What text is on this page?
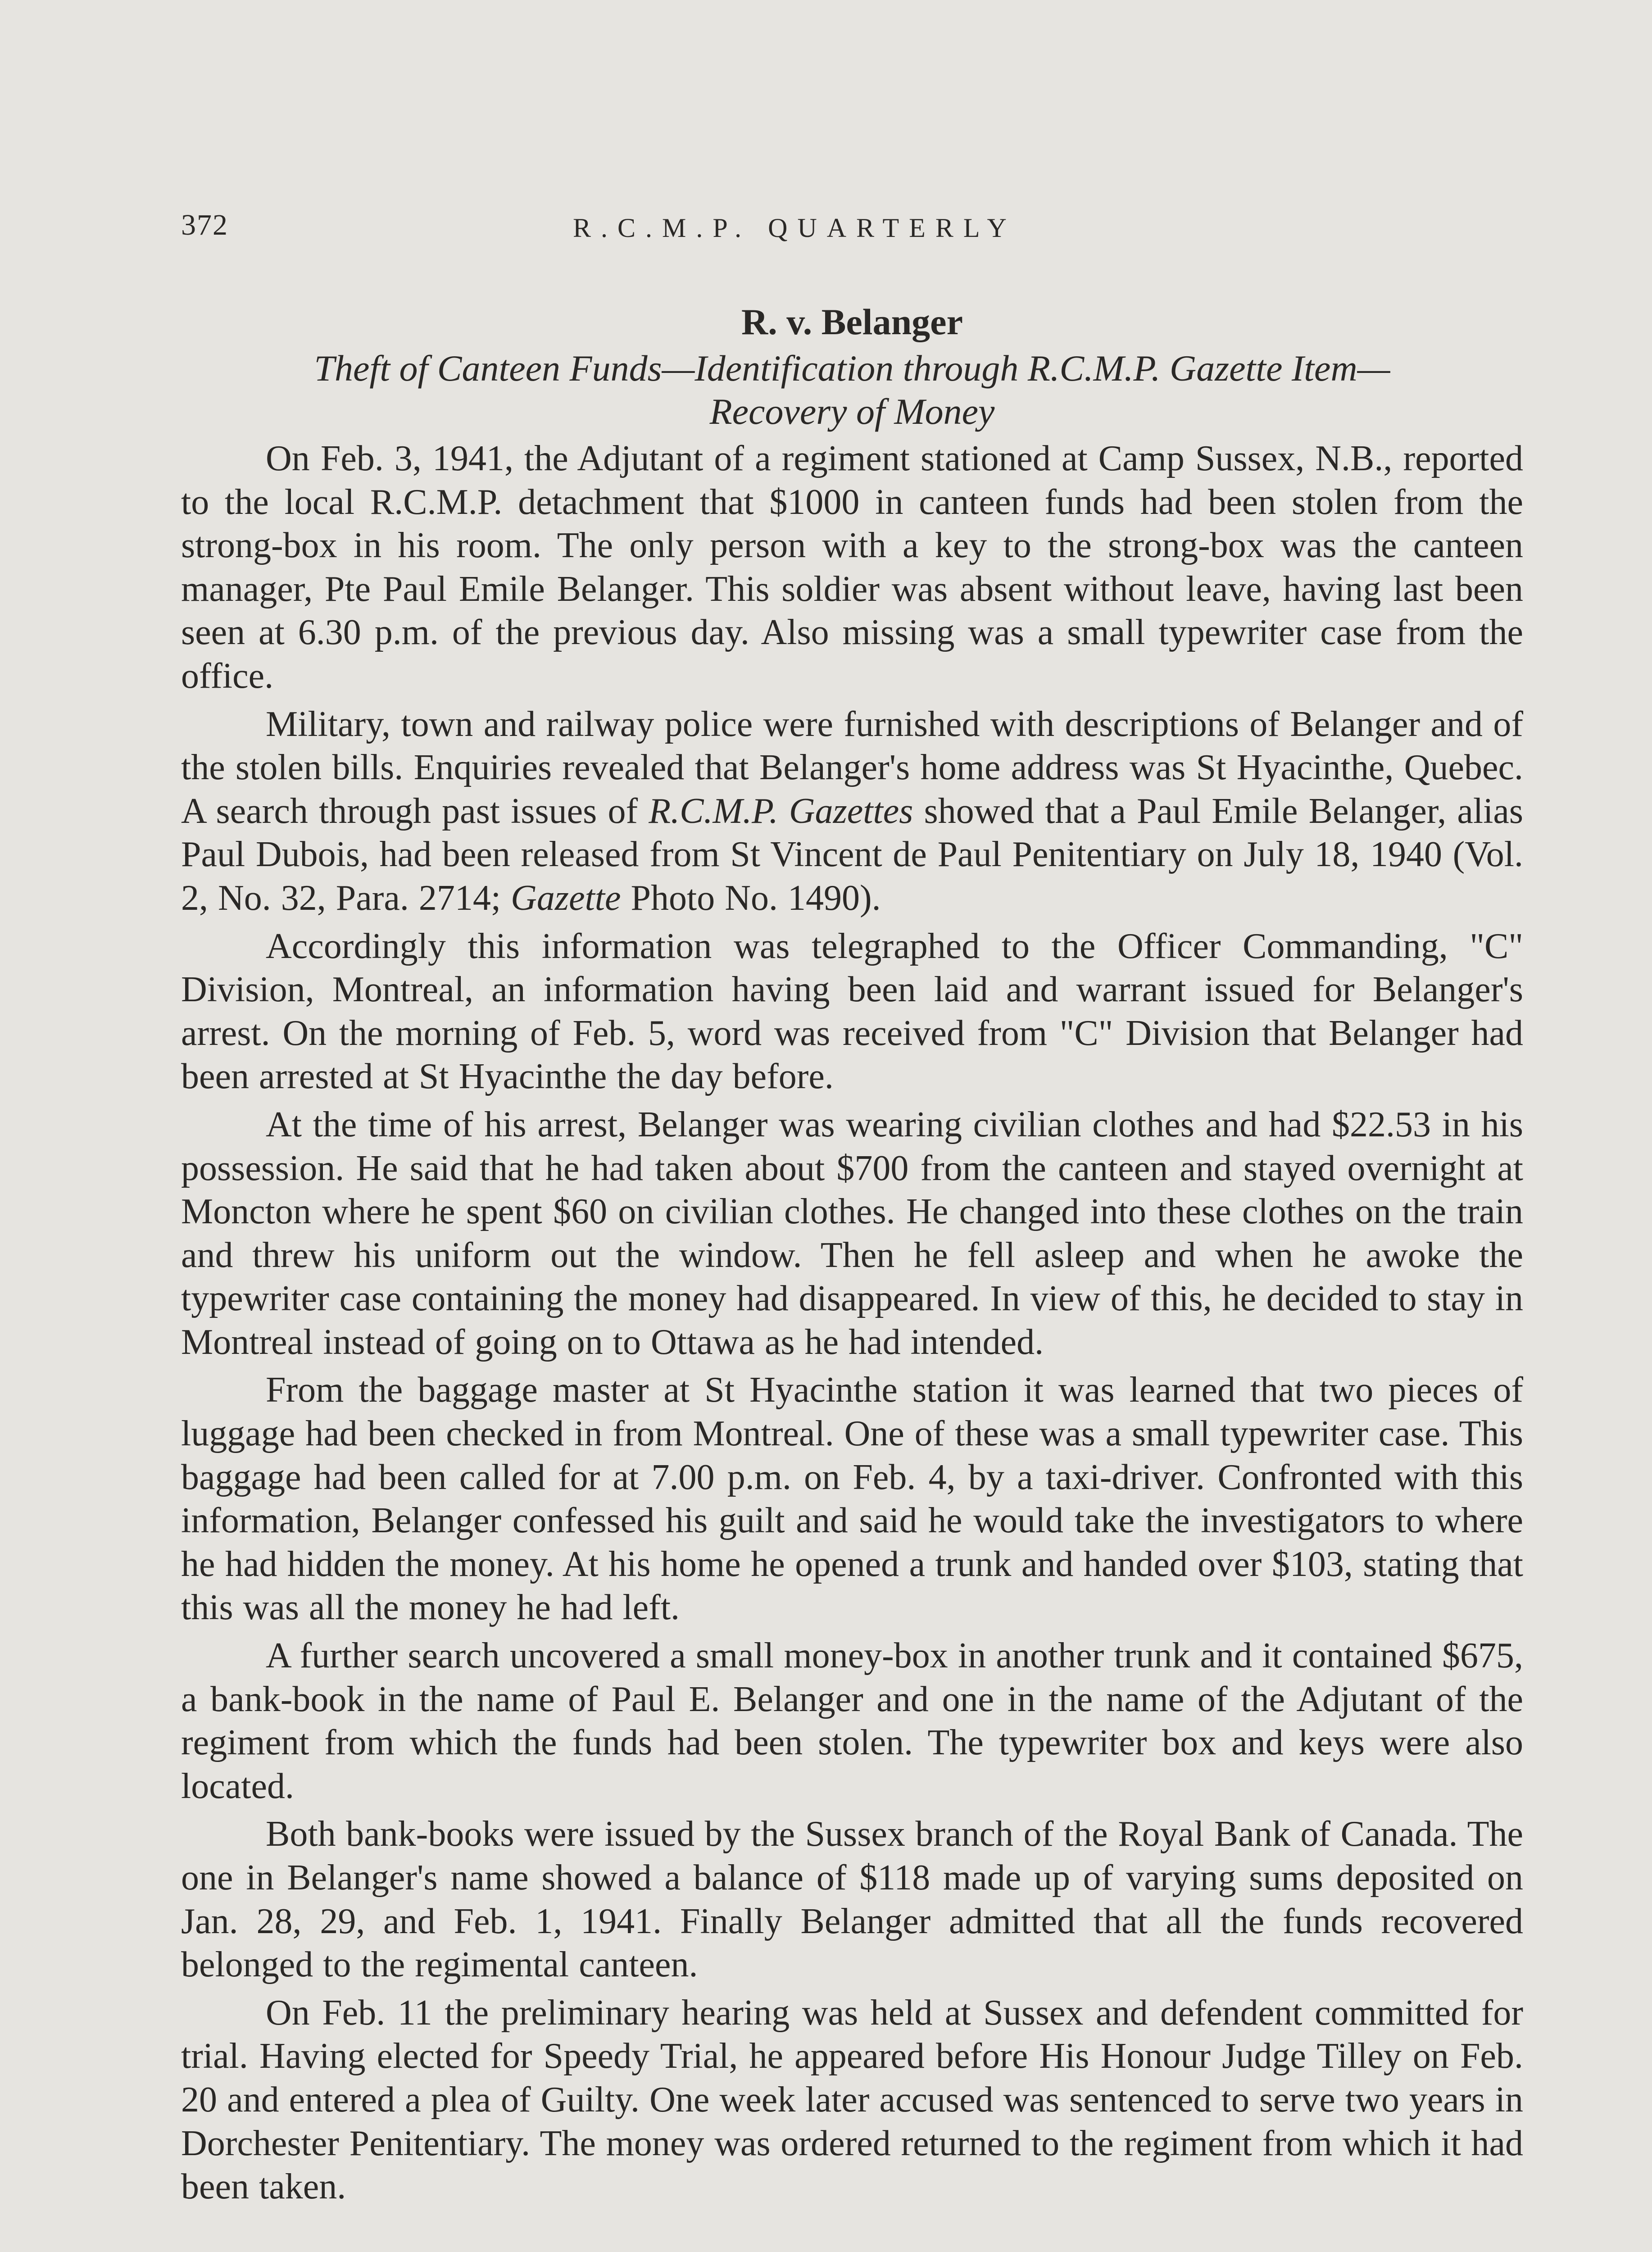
372	R.C.M.P. QUARTERLY

R. v. Belanger

Theft of Canteen Funds—Identification through R.C.M.P. Gazette Item—
Recovery of Money

On Feb. 3, 1941, the Adjutant of a regiment stationed at Camp Sussex, N.B., reported to the local R.C.M.P. detachment that $1000 in canteen funds had been stolen from the strong-box in his room. The only person with a key to the strong-box was the canteen manager, Pte Paul Emile Belanger. This soldier was absent without leave, having last been seen at 6.30 p.m. of the previous day. Also missing was a small typewriter case from the office.

Military, town and railway police were furnished with descriptions of Belanger and of the stolen bills. Enquiries revealed that Belanger's home address was St Hyacinthe, Quebec. A search through past issues of R.C.M.P. Gazettes showed that a Paul Emile Belanger, alias Paul Dubois, had been released from St Vincent de Paul Penitentiary on July 18, 1940 (Vol. 2, No. 32, Para. 2714; Gazette Photo No. 1490).

Accordingly this information was telegraphed to the Officer Commanding, "C" Division, Montreal, an information having been laid and warrant issued for Belanger's arrest. On the morning of Feb. 5, word was received from "C" Division that Belanger had been arrested at St Hyacinthe the day before.

At the time of his arrest, Belanger was wearing civilian clothes and had $22.53 in his possession. He said that he had taken about $700 from the canteen and stayed overnight at Moncton where he spent $60 on civilian clothes. He changed into these clothes on the train and threw his uniform out the window. Then he fell asleep and when he awoke the typewriter case containing the money had disappeared. In view of this, he decided to stay in Montreal instead of going on to Ottawa as he had intended.

From the baggage master at St Hyacinthe station it was learned that two pieces of luggage had been checked in from Montreal. One of these was a small typewriter case. This baggage had been called for at 7.00 p.m. on Feb. 4, by a taxi-driver. Confronted with this information, Belanger confessed his guilt and said he would take the investigators to where he had hidden the money. At his home he opened a trunk and handed over $103, stating that this was all the money he had left.

A further search uncovered a small money-box in another trunk and it contained $675, a bank-book in the name of Paul E. Belanger and one in the name of the Adjutant of the regiment from which the funds had been stolen. The typewriter box and keys were also located.

Both bank-books were issued by the Sussex branch of the Royal Bank of Canada. The one in Belanger's name showed a balance of $118 made up of varying sums deposited on Jan. 28, 29, and Feb. 1, 1941. Finally Belanger admitted that all the funds recovered belonged to the regimental canteen.

On Feb. 11 the preliminary hearing was held at Sussex and defendent committed for trial. Having elected for Speedy Trial, he appeared before His Honour Judge Tilley on Feb. 20 and entered a plea of Guilty. One week later accused was sentenced to serve two years in Dorchester Penitentiary. The money was ordered returned to the regiment from which it had been taken.
